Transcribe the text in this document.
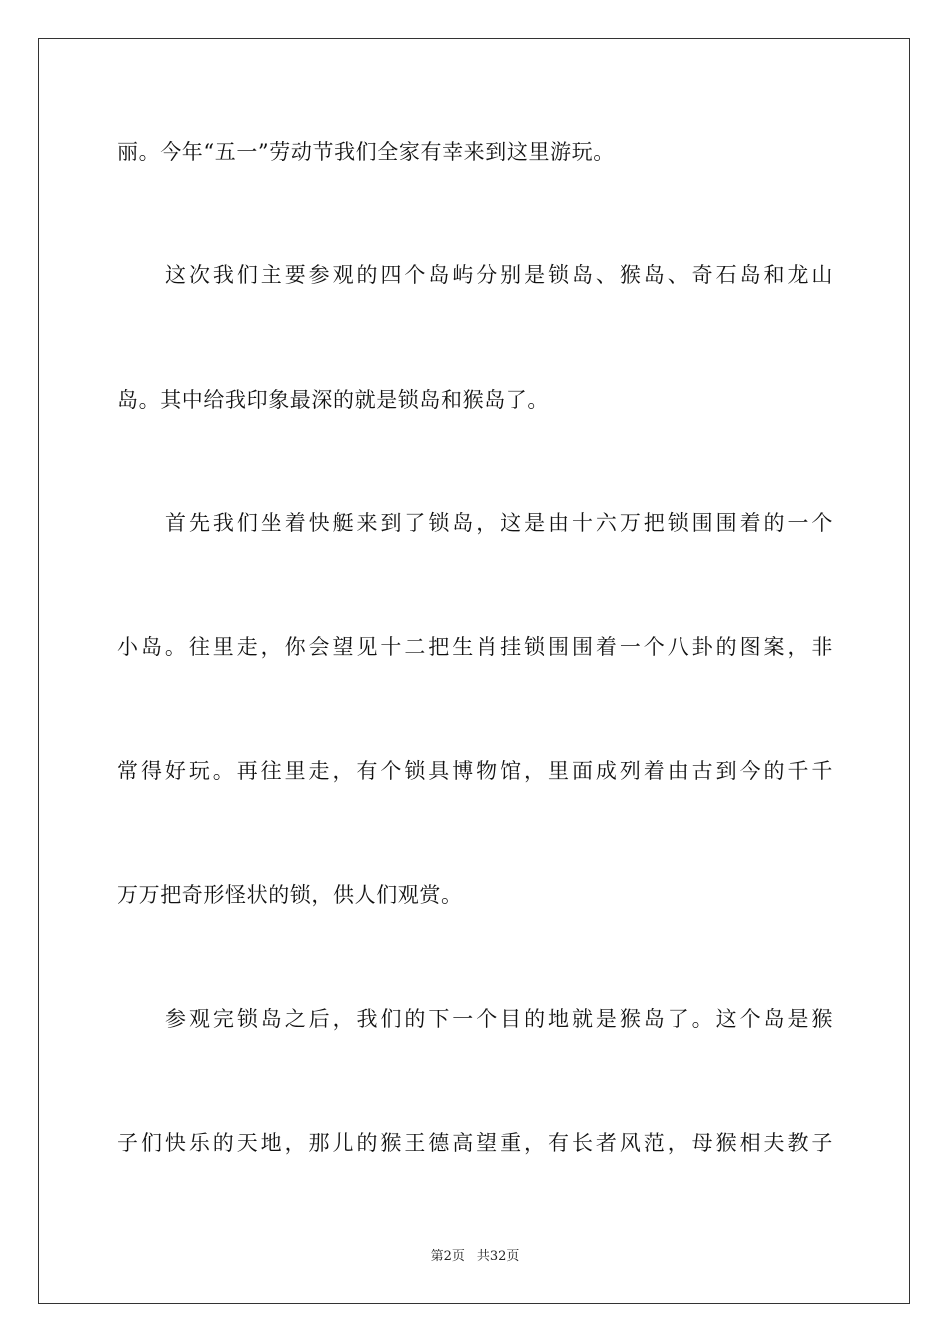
丽。今年“五一”劳动节我们全家有幸来到这里游玩。
这次我们主要参观的四个岛屿分别是锁岛、猴岛、奇石岛和龙山
岛。其中给我印象最深的就是锁岛和猴岛了。
首先我们坐着快艇来到了锁岛，这是由十六万把锁围围着的一个
小岛。往里走，你会望见十二把生肖挂锁围围着一个八卦的图案，非
常得好玩。再往里走，有个锁具博物馆，里面成列着由古到今的千千
万万把奇形怪状的锁，供人们观赏。
参观完锁岛之后，我们的下一个目的地就是猴岛了。这个岛是猴
子们快乐的天地，那儿的猴王德高望重，有长者风范，母猴相夫教子
第2页 共32页
